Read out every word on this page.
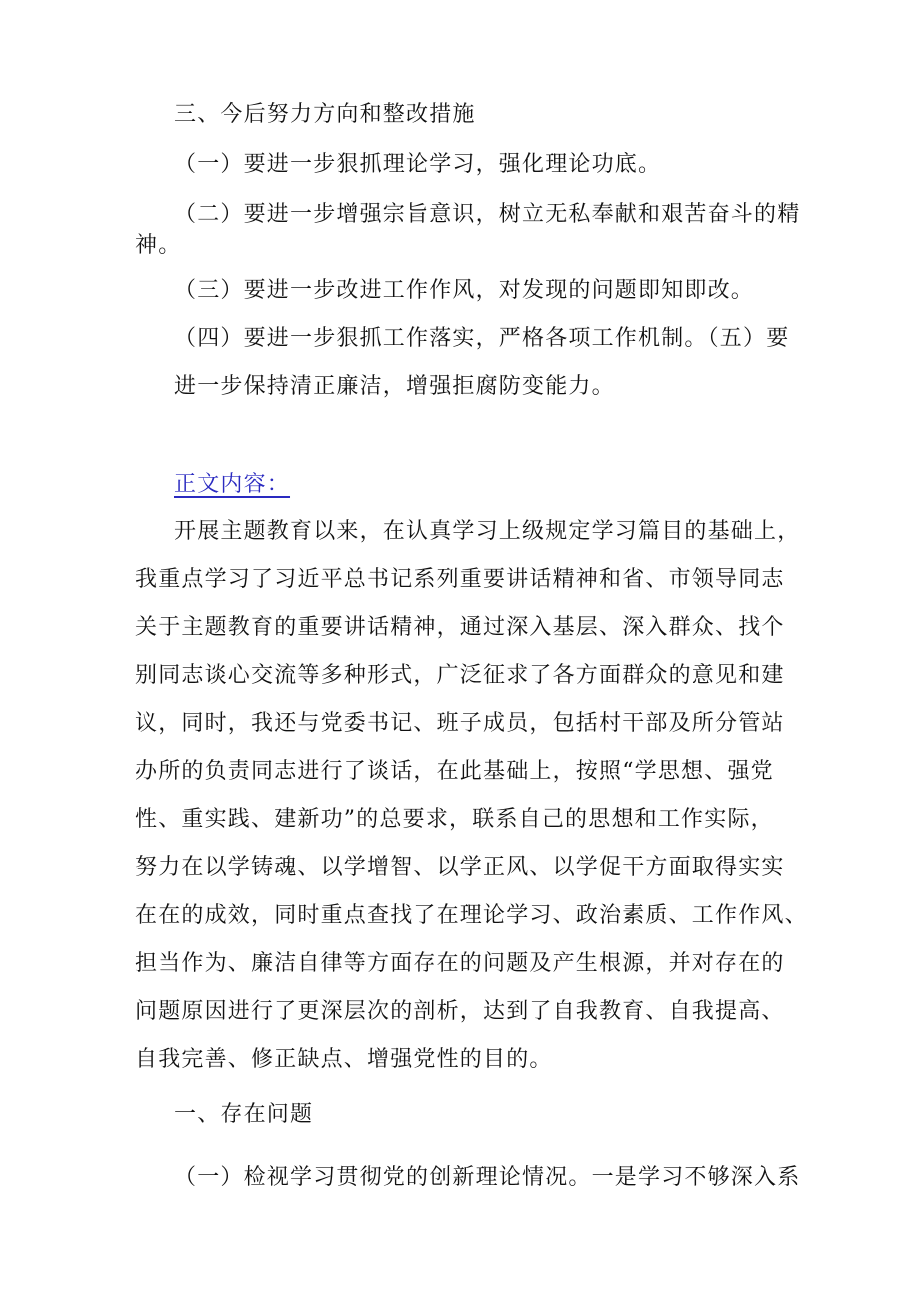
三、今后努力方向和整改措施
（一）要进一步狠抓理论学习，强化理论功底。
（二）要进一步增强宗旨意识，树立无私奉献和艰苦奋斗的精
神。
（三）要进一步改进工作作风，对发现的问题即知即改。
（四）要进一步狠抓工作落实，严格各项工作机制。（五）要
进一步保持清正廉洁，增强拒腐防变能力。
正文内容：
开展主题教育以来，在认真学习上级规定学习篇目的基础上，
我重点学习了习近平总书记系列重要讲话精神和省、市领导同志
关于主题教育的重要讲话精神，通过深入基层、深入群众、找个
别同志谈心交流等多种形式，广泛征求了各方面群众的意见和建
议，同时，我还与党委书记、班子成员，包括村干部及所分管站
办所的负责同志进行了谈话，在此基础上，按照“学思想、强党
性、重实践、建新功”的总要求，联系自己的思想和工作实际，
努力在以学铸魂、以学增智、以学正风、以学促干方面取得实实
在在的成效，同时重点查找了在理论学习、政治素质、工作作风、
担当作为、廉洁自律等方面存在的问题及产生根源，并对存在的
问题原因进行了更深层次的剖析，达到了自我教育、自我提高、
自我完善、修正缺点、增强党性的目的。
一、存在问题
（一）检视学习贯彻党的创新理论情况。一是学习不够深入系
